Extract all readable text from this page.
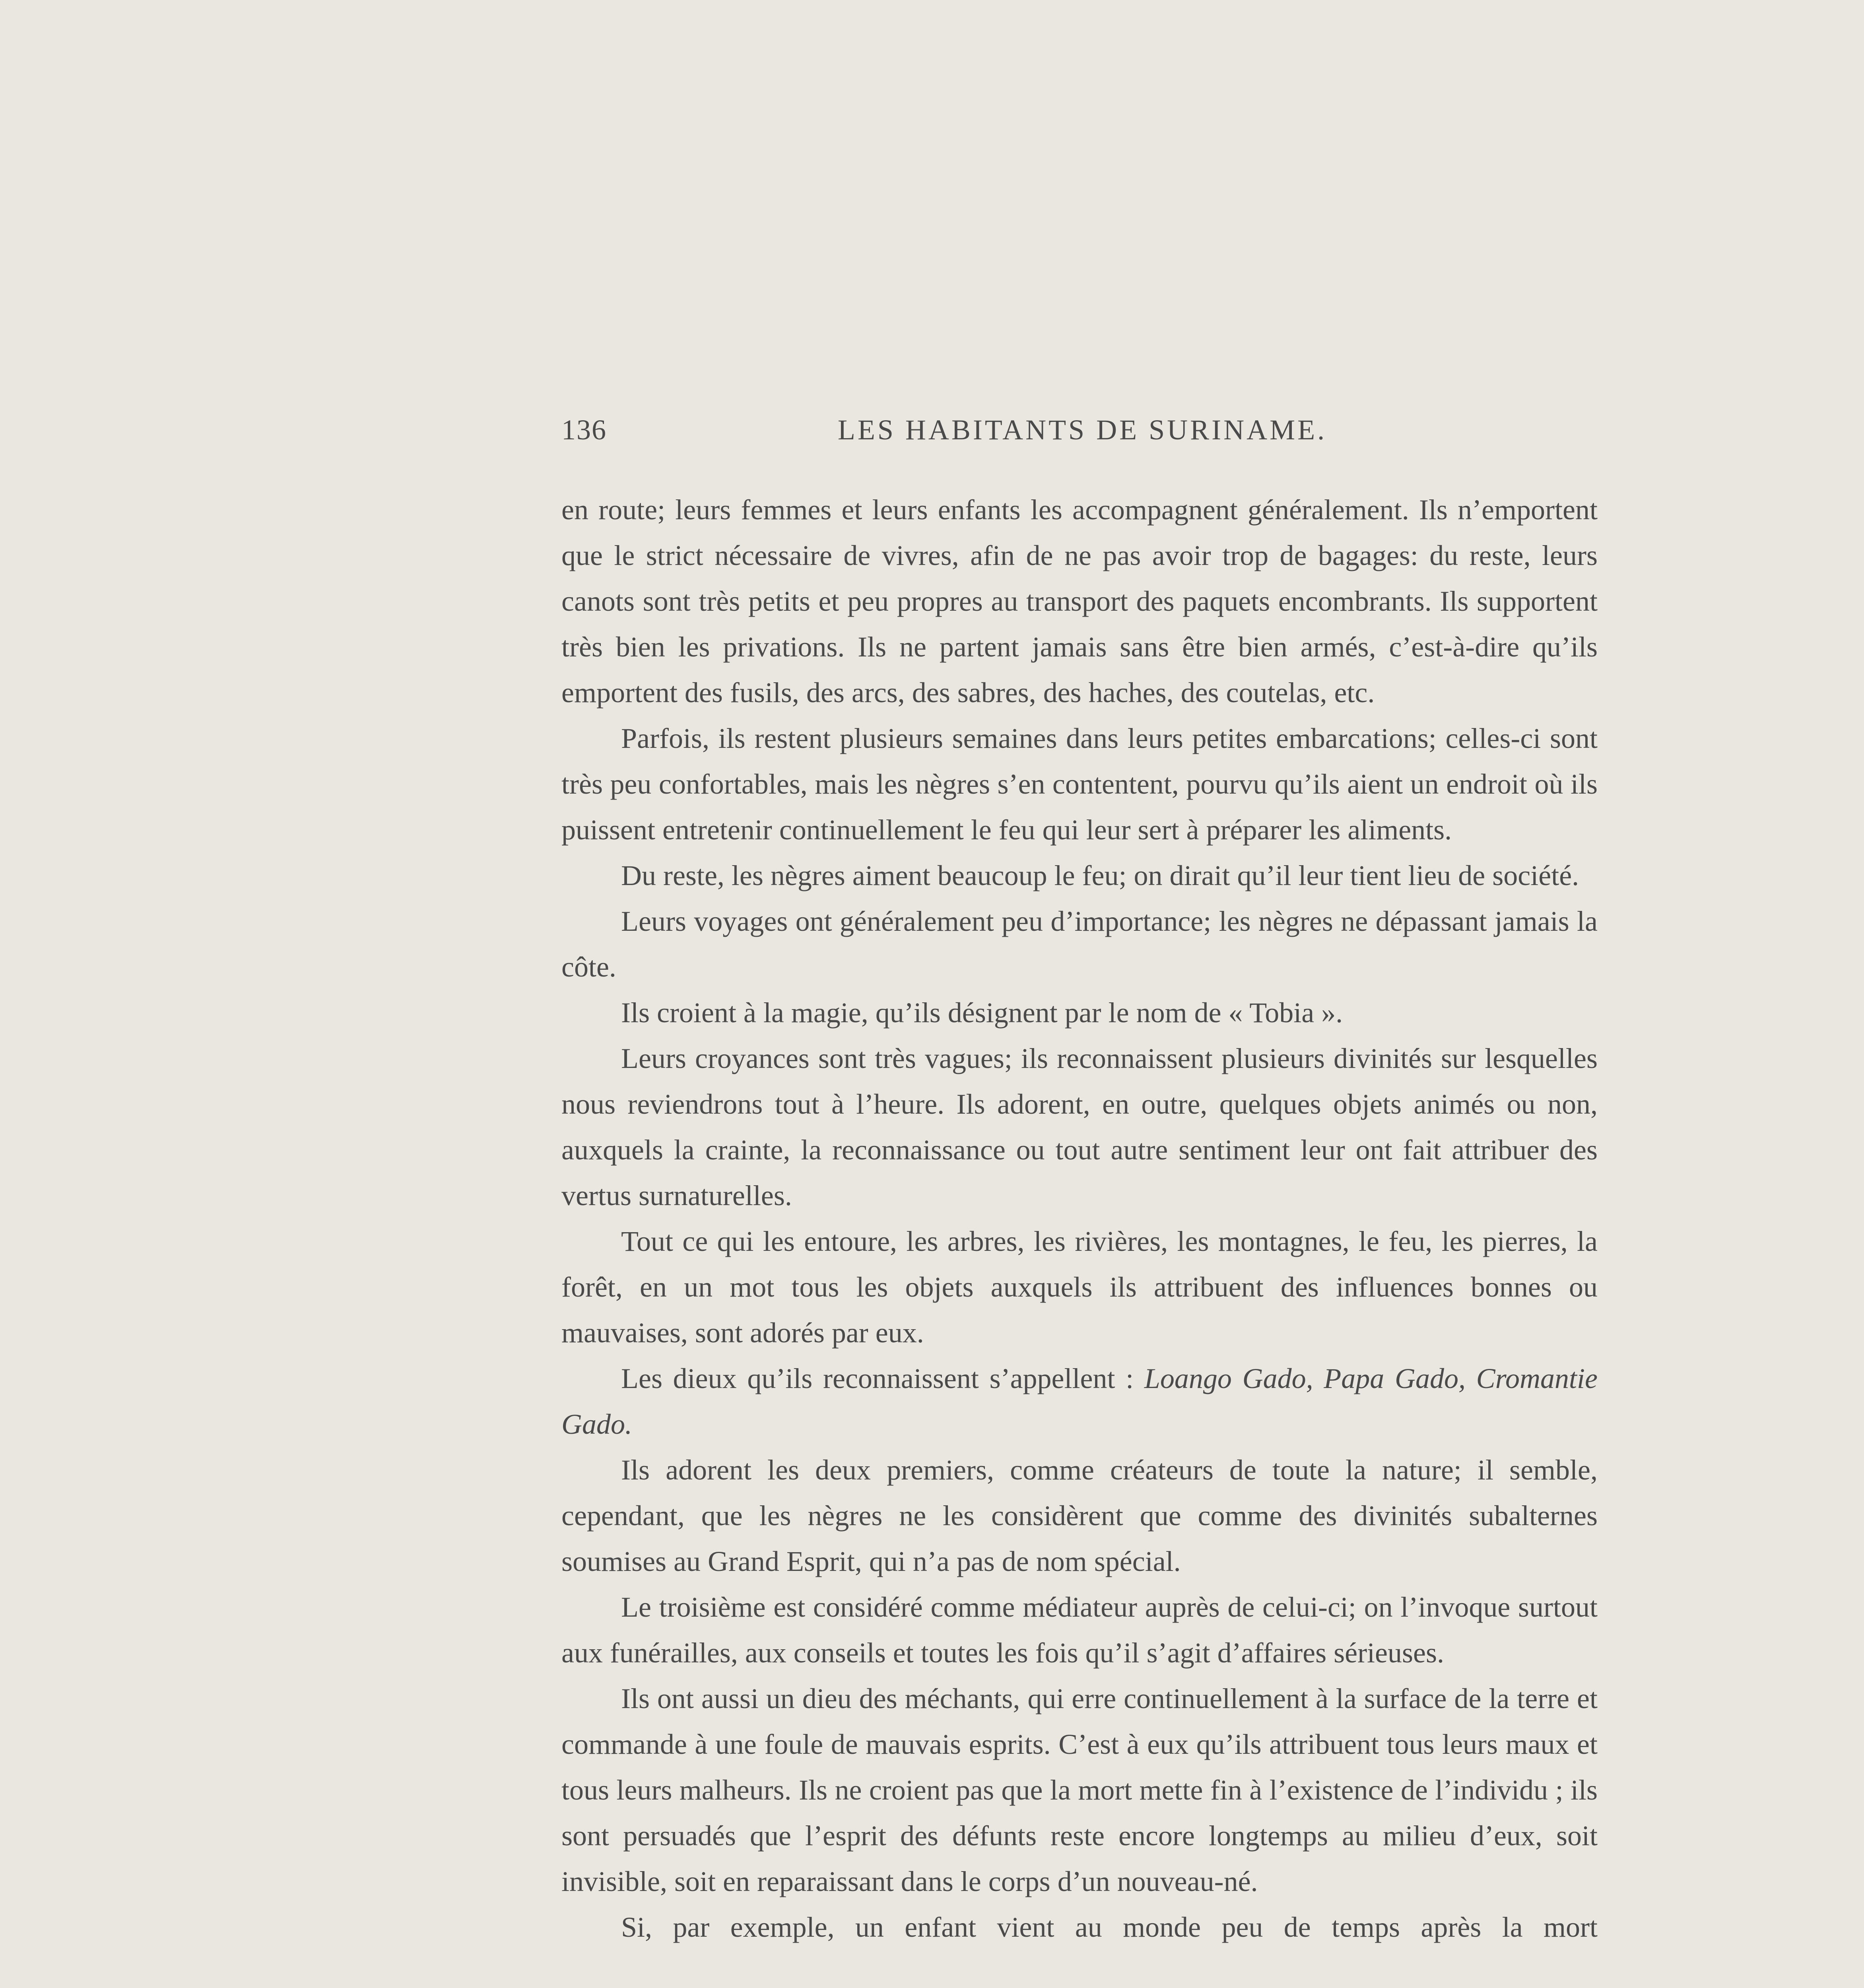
136	LES HABITANTS DE SURINAME.

en route; leurs femmes et leurs enfants les accompagnent généralement. Ils n’emportent que le strict nécessaire de vivres, afin de ne pas avoir trop de bagages: du reste, leurs canots sont très petits et peu propres au transport des paquets encombrants. Ils supportent très bien les privations. Ils ne partent jamais sans être bien armés, c’est-à-dire qu’ils emportent des fusils, des arcs, des sabres, des haches, des coutelas, etc.

Parfois, ils restent plusieurs semaines dans leurs petites embarcations; celles-ci sont très peu confortables, mais les nègres s’en contentent, pourvu qu’ils aient un endroit où ils puissent entretenir continuellement le feu qui leur sert à préparer les aliments.

Du reste, les nègres aiment beaucoup le feu; on dirait qu’il leur tient lieu de société.

Leurs voyages ont généralement peu d’importance; les nègres ne dépassant jamais la côte.

Ils croient à la magie, qu’ils désignent par le nom de « Tobia ».

Leurs croyances sont très vagues; ils reconnaissent plusieurs divinités sur lesquelles nous reviendrons tout à l’heure. Ils adorent, en outre, quelques objets animés ou non, auxquels la crainte, la reconnaissance ou tout autre sentiment leur ont fait attribuer des vertus surnaturelles.

Tout ce qui les entoure, les arbres, les rivières, les montagnes, le feu, les pierres, la forêt, en un mot tous les objets auxquels ils attribuent des influences bonnes ou mauvaises, sont adorés par eux.

Les dieux qu’ils reconnaissent s’appellent : Loango Gado, Papa Gado, Cromantie Gado.

Ils adorent les deux premiers, comme créateurs de toute la nature; il semble, cependant, que les nègres ne les considèrent que comme des divinités subalternes soumises au Grand Esprit, qui n’a pas de nom spécial.

Le troisième est considéré comme médiateur auprès de celui-ci; on l’invoque surtout aux funérailles, aux conseils et toutes les fois qu’il s’agit d’affaires sérieuses.

Ils ont aussi un dieu des méchants, qui erre continuellement à la surface de la terre et commande à une foule de mauvais esprits. C’est à eux qu’ils attribuent tous leurs maux et tous leurs malheurs. Ils ne croient pas que la mort mette fin à l’existence de l’individu ; ils sont persuadés que l’esprit des défunts reste encore longtemps au milieu d’eux, soit invisible, soit en reparaissant dans le corps d’un nouveau-né.

Si, par exemple, un enfant vient au monde peu de temps après la mort
